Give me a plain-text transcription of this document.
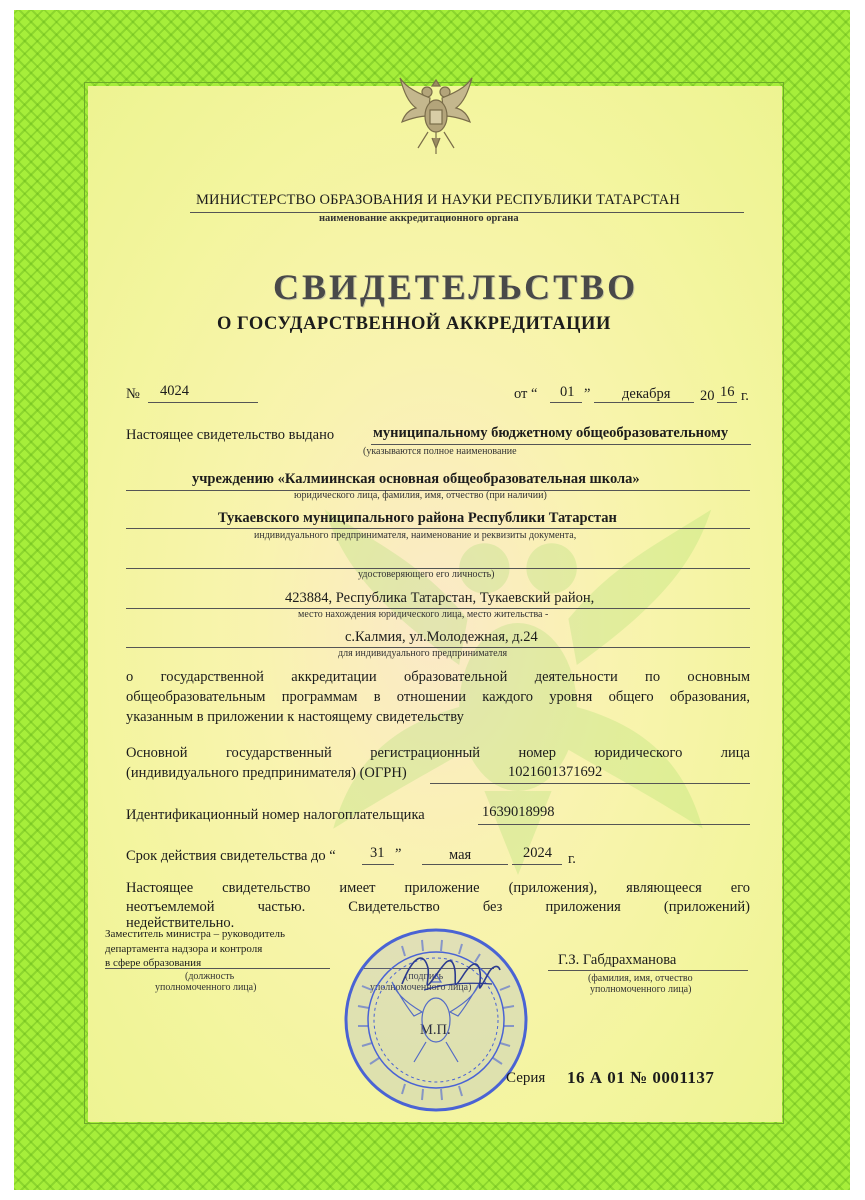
МИНИСТЕРСТВО ОБРАЗОВАНИЯ И НАУКИ РЕСПУБЛИКИ ТАТАРСТАН
наименование аккредитационного органа
СВИДЕТЕЛЬСТВО
О ГОСУДАРСТВЕННОЙ АККРЕДИТАЦИИ
№ 4024	от “ 01 ” декабря 20 16 г.
Настоящее свидетельство выдано	муниципальному бюджетному общеобразовательному
(указываются полное наименование
учреждению «Калмиинская основная общеобразовательная школа»
юридического лица, фамилия, имя, отчество (при наличии)
Тукаевского муниципального района Республики Татарстан
индивидуального предпринимателя, наименование и реквизиты документа,
удостоверяющего его личность)
423884, Республика Татарстан, Тукаевский район,
место нахождения юридического лица, место жительства -
с.Калмия, ул.Молодежная, д.24
для индивидуального предпринимателя
о государственной аккредитации образовательной деятельности по основным
общеобразовательным программам в отношении каждого уровня общего образования,
указанным в приложении к настоящему свидетельству
Основной государственный регистрационный номер юридического лица
(индивидуального предпринимателя) (ОГРН)	1021601371692
Идентификационный номер налогоплательщика	1639018998
Срок действия свидетельства до “ 31 ”	мая	2024 г.
Настоящее свидетельство имеет приложение (приложения), являющееся его
неотъемлемой частью. Свидетельство без приложения (приложений)
недействительно.
Заместитель министра – руководитель
департамента надзора и контроля
в сфере образования
(должность
уполномоченного лица)
Г.З. Габдрахманова
(фамилия, имя, отчество
уполномоченного лица)
Серия 16 А 01 № 0001137
